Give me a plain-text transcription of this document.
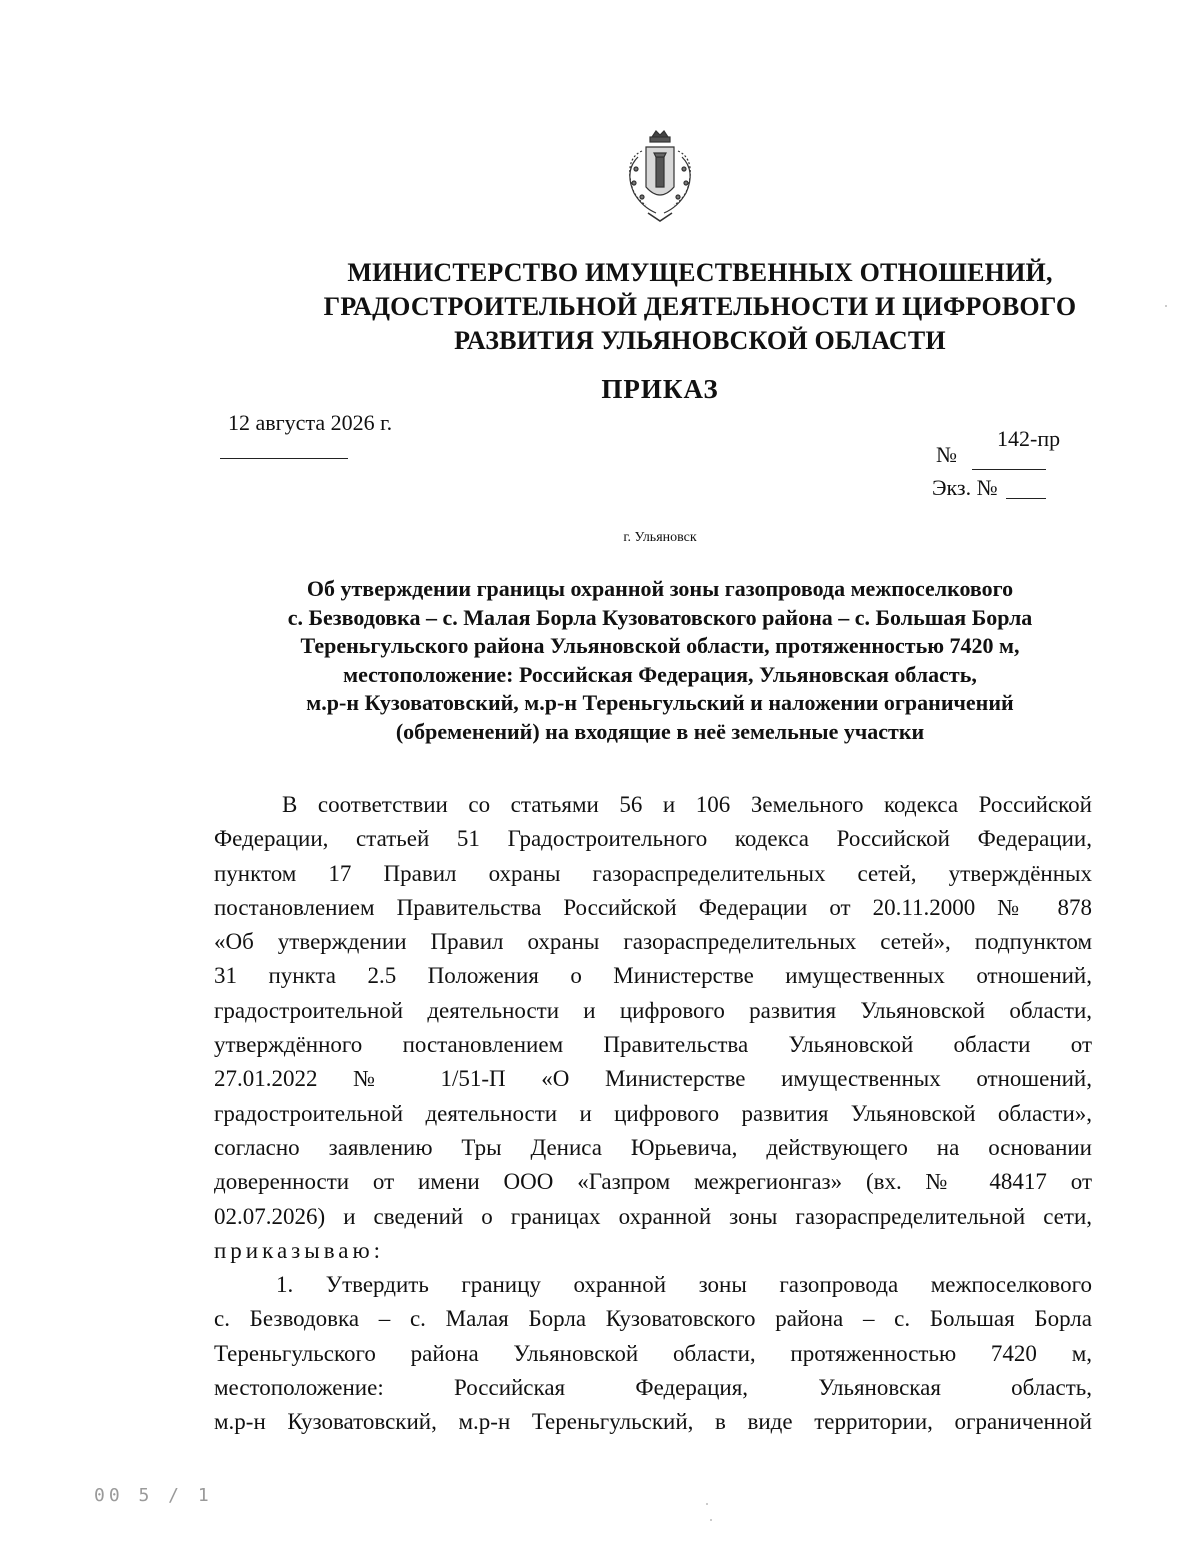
МИНИСТЕРСТВО ИМУЩЕСТВЕННЫХ ОТНОШЕНИЙ,
ГРАДОСТРОИТЕЛЬНОЙ ДЕЯТЕЛЬНОСТИ И ЦИФРОВОГО
РАЗВИТИЯ УЛЬЯНОВСКОЙ ОБЛАСТИ
ПРИКАЗ
12 августа 2026 г.
142-пр
№
Экз. №
г. Ульяновск
Об утверждении границы охранной зоны газопровода межпоселкового
с. Безводовка – с. Малая Борла Кузоватовского района – с. Большая Борла
Тереньгульского района Ульяновской области, протяженностью 7420 м,
местоположение: Российская Федерация, Ульяновская область,
м.р-н Кузоватовский, м.р-н Тереньгульский и наложении ограничений
(обременений) на входящие в неё земельные участки
В соответствии со статьями 56 и 106 Земельного кодекса Российской
Федерации, статьей 51 Градостроительного кодекса Российской Федерации,
пунктом 17 Правил охраны газораспределительных сетей, утверждённых
постановлением Правительства Российской Федерации от 20.11.2000 № 878
«Об утверждении Правил охраны газораспределительных сетей», подпунктом
31 пункта 2.5 Положения о Министерстве имущественных отношений,
градостроительной деятельности и цифрового развития Ульяновской области,
утверждённого постановлением Правительства Ульяновской области от
27.01.2022 № 1/51-П «О Министерстве имущественных отношений,
градостроительной деятельности и цифрового развития Ульяновской области»,
согласно заявлению Тры Дениса Юрьевича, действующего на основании
доверенности от имени ООО «Газпром межрегионгаз» (вх. № 48417 от
02.07.2026) и сведений о границах охранной зоны газораспределительной сети,
приказываю:
1. Утвердить границу охранной зоны газопровода межпоселкового
с. Безводовка – с. Малая Борла Кузоватовского района – с. Большая Борла
Тереньгульского района Ульяновской области, протяженностью 7420 м,
местоположение: Российская Федерация, Ульяновская область,
м.р-н Кузоватовский, м.р-н Тереньгульский, в виде территории, ограниченной
00 5 / 1
